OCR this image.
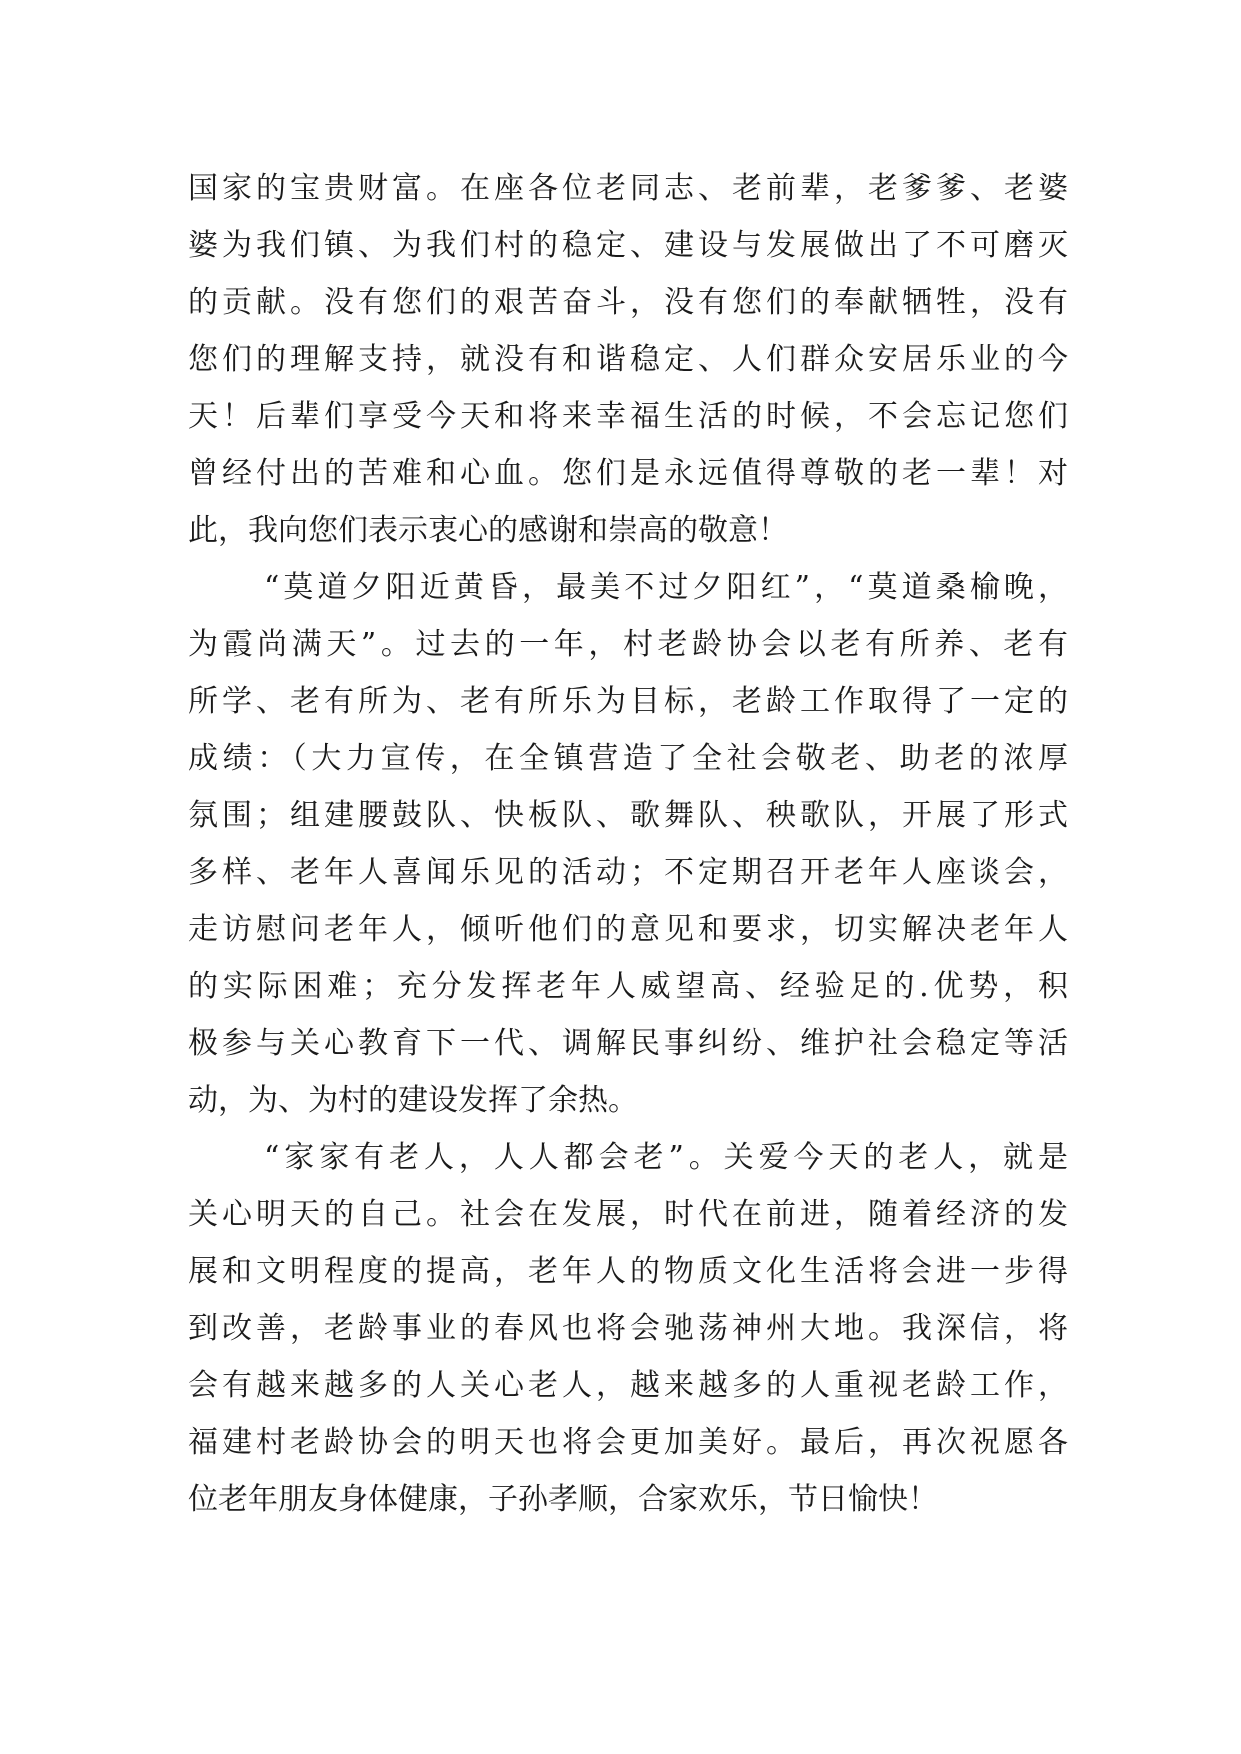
国家的宝贵财富。在座各位老同志、老前辈，老爹爹、老婆
婆为我们镇、为我们村的稳定、建设与发展做出了不可磨灭
的贡献。没有您们的艰苦奋斗，没有您们的奉献牺牲，没有
您们的理解支持，就没有和谐稳定、人们群众安居乐业的今
天！后辈们享受今天和将来幸福生活的时候，不会忘记您们
曾经付出的苦难和心血。您们是永远值得尊敬的老一辈！对
此，我向您们表示衷心的感谢和崇高的敬意！
“莫道夕阳近黄昏，最美不过夕阳红”，“莫道桑榆晚，
为霞尚满天”。过去的一年，村老龄协会以老有所养、老有
所学、老有所为、老有所乐为目标，老龄工作取得了一定的
成绩：（大力宣传，在全镇营造了全社会敬老、助老的浓厚
氛围；组建腰鼓队、快板队、歌舞队、秧歌队，开展了形式
多样、老年人喜闻乐见的活动；不定期召开老年人座谈会，
走访慰问老年人，倾听他们的意见和要求，切实解决老年人
的实际困难；充分发挥老年人威望高、经验足的.优势，积
极参与关心教育下一代、调解民事纠纷、维护社会稳定等活
动，为、为村的建设发挥了余热。
“家家有老人，人人都会老”。关爱今天的老人，就是
关心明天的自己。社会在发展，时代在前进，随着经济的发
展和文明程度的提高，老年人的物质文化生活将会进一步得
到改善，老龄事业的春风也将会驰荡神州大地。我深信，将
会有越来越多的人关心老人，越来越多的人重视老龄工作，
福建村老龄协会的明天也将会更加美好。最后，再次祝愿各
位老年朋友身体健康，子孙孝顺，合家欢乐，节日愉快！
